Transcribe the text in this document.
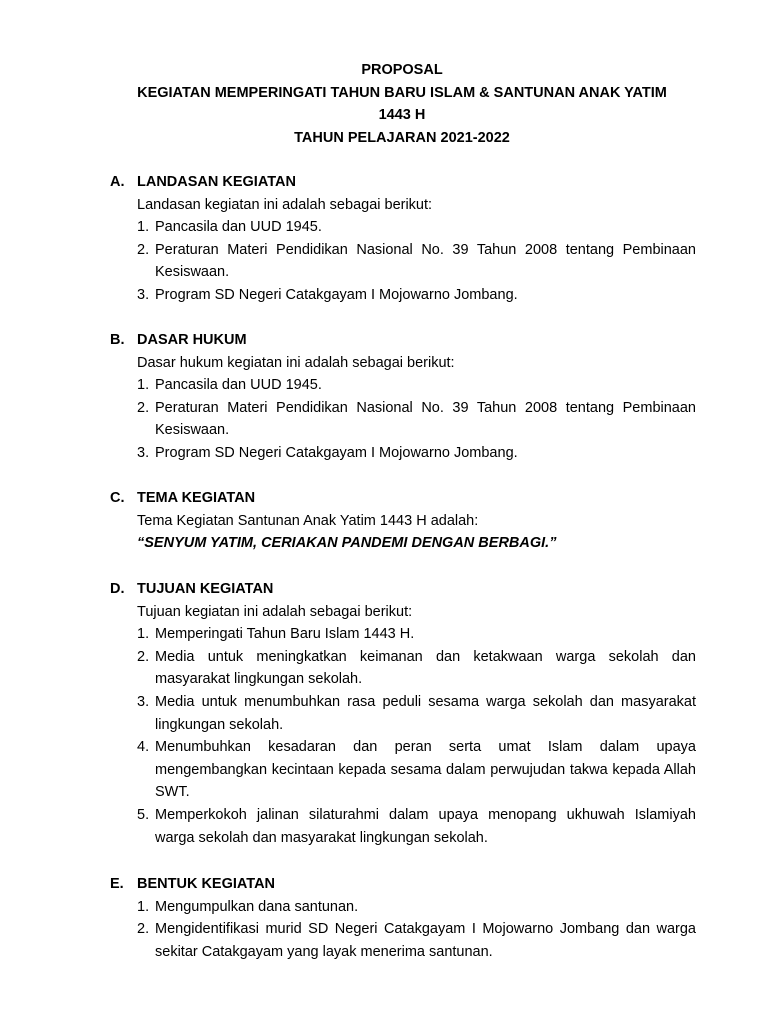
PROPOSAL
KEGIATAN MEMPERINGATI TAHUN BARU ISLAM & SANTUNAN ANAK YATIM
1443 H
TAHUN PELAJARAN 2021-2022
A. LANDASAN KEGIATAN
Landasan kegiatan ini adalah sebagai berikut:
1. Pancasila dan UUD 1945.
2. Peraturan Materi Pendidikan Nasional No. 39 Tahun 2008 tentang Pembinaan Kesiswaan.
3. Program SD Negeri Catakgayam I Mojowarno Jombang.
B. DASAR HUKUM
Dasar hukum kegiatan ini adalah sebagai berikut:
1. Pancasila dan UUD 1945.
2. Peraturan Materi Pendidikan Nasional No. 39 Tahun 2008 tentang Pembinaan Kesiswaan.
3. Program SD Negeri Catakgayam I Mojowarno Jombang.
C. TEMA KEGIATAN
Tema Kegiatan Santunan Anak Yatim 1443 H adalah:
“SENYUM YATIM, CERIAKAN PANDEMI DENGAN BERBAGI.”
D. TUJUAN KEGIATAN
Tujuan kegiatan ini adalah sebagai berikut:
1. Memperingati Tahun Baru Islam 1443 H.
2. Media untuk meningkatkan keimanan dan ketakwaan warga sekolah dan masyarakat lingkungan sekolah.
3. Media untuk menumbuhkan rasa peduli sesama warga sekolah dan masyarakat lingkungan sekolah.
4. Menumbuhkan kesadaran dan peran serta umat Islam dalam upaya mengembangkan kecintaan kepada sesama dalam perwujudan takwa kepada Allah SWT.
5. Memperkokoh jalinan silaturahmi dalam upaya menopang ukhuwah Islamiyah warga sekolah dan masyarakat lingkungan sekolah.
E. BENTUK KEGIATAN
1. Mengumpulkan dana santunan.
2. Mengidentifikasi murid SD Negeri Catakgayam I Mojowarno Jombang dan warga sekitar Catakgayam yang layak menerima santunan.
